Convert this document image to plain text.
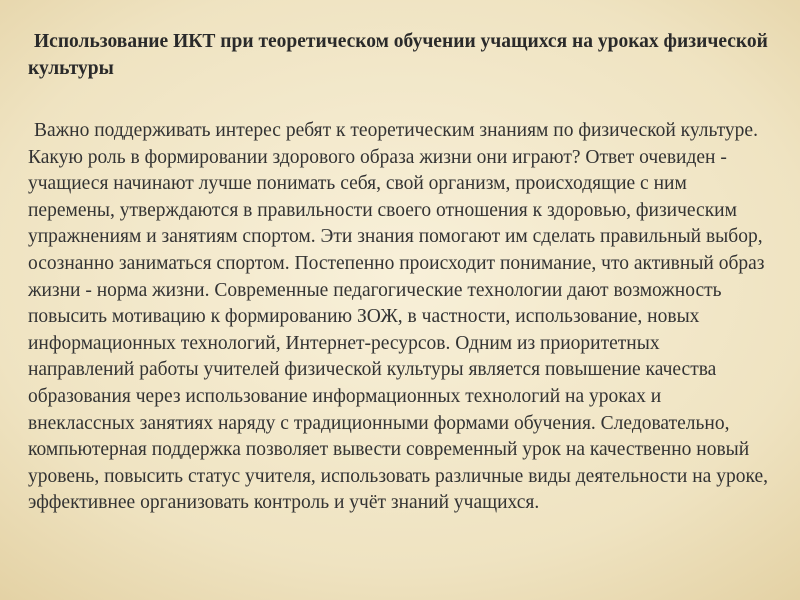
Использование ИКТ при теоретическом обучении учащихся на уроках физической культуры

Важно поддерживать интерес ребят к теоретическим знаниям по физической культуре. Какую роль в формировании здорового образа жизни они играют? Ответ очевиден - учащиеся начинают лучше понимать себя, свой организм, происходящие с ним перемены, утверждаются в правильности своего отношения к здоровью, физическим упражнениям и занятиям спортом. Эти знания помогают им сделать правильный выбор, осознанно заниматься спортом. Постепенно происходит понимание, что активный образ жизни - норма жизни. Современные педагогические технологии дают возможность повысить мотивацию к формированию ЗОЖ, в частности, использование, новых информационных технологий, Интернет-ресурсов. Одним из приоритетных направлений работы учителей физической культуры является повышение качества образования через использование информационных технологий на уроках и внеклассных занятиях наряду с традиционными формами обучения. Следовательно, компьютерная поддержка позволяет вывести современный урок на качественно новый уровень, повысить статус учителя, использовать различные виды деятельности на уроке, эффективнее организовать контроль и учёт знаний учащихся.
